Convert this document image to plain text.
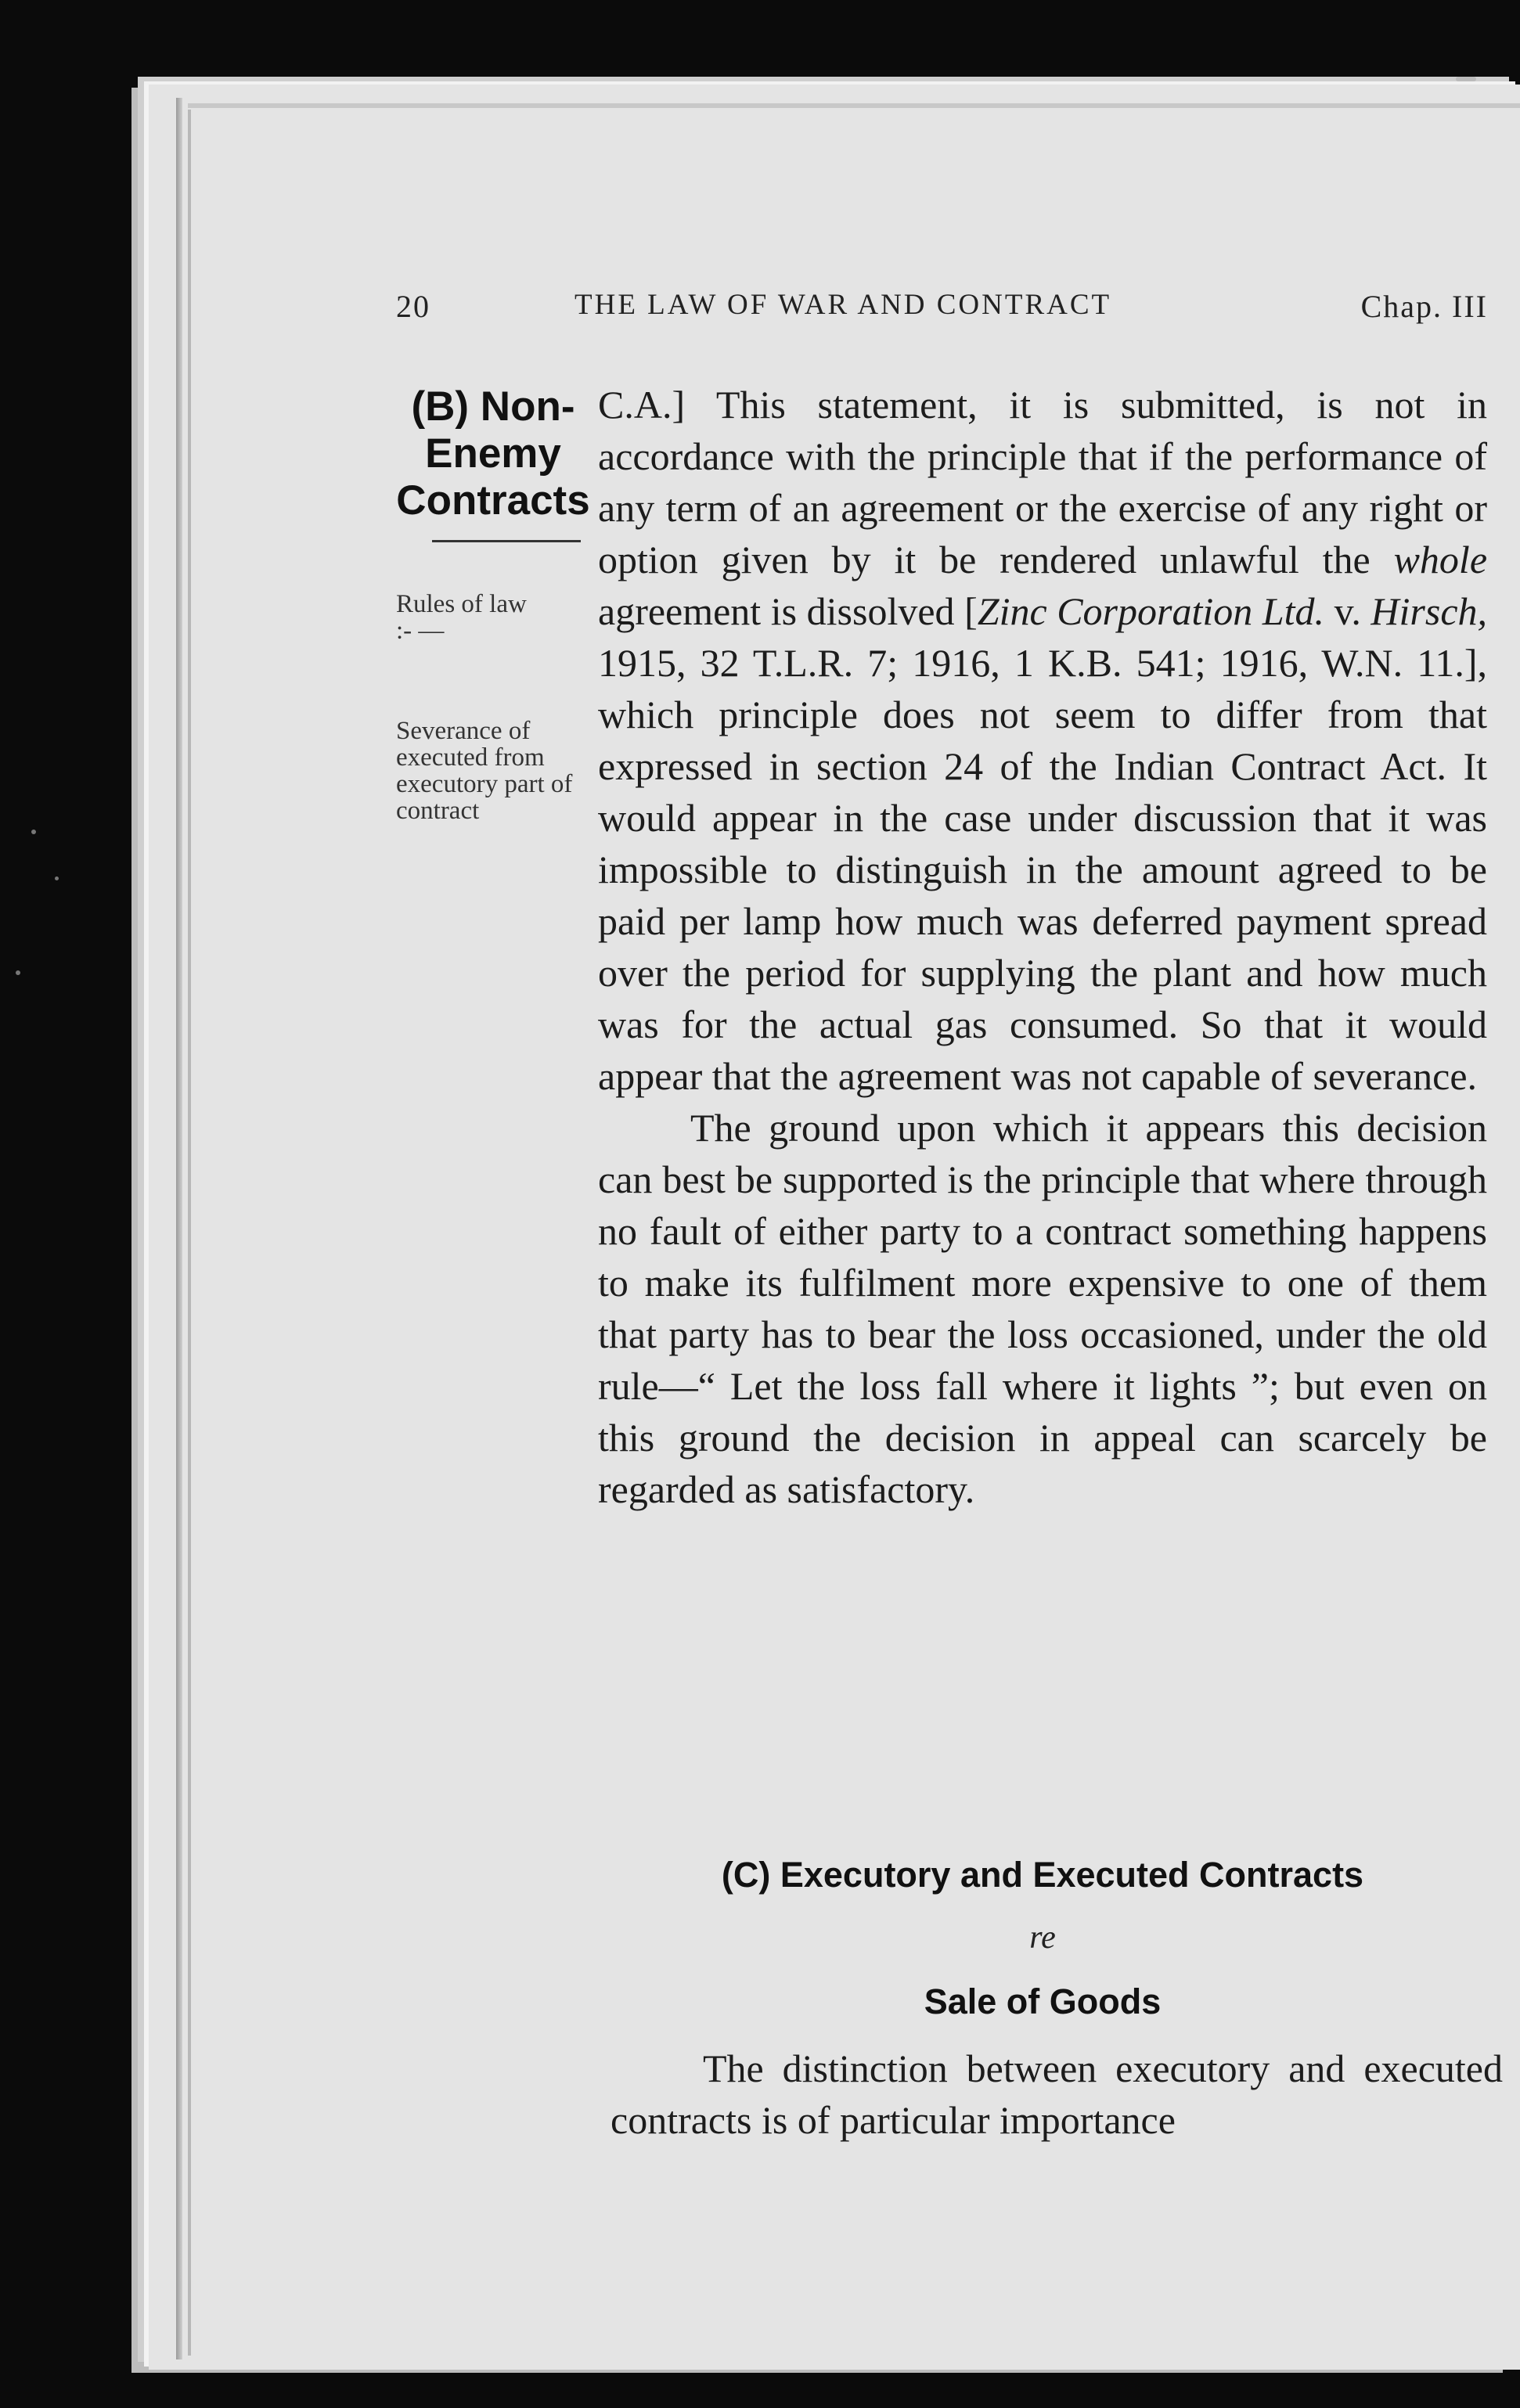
20	THE LAW OF WAR AND CONTRACT	Chap. III
(B) Non-Enemy Contracts
Rules of law :- —
Severance of executed from executory part of contract

C.A.] This statement, it is submitted, is not in accordance with the principle that if the performance of any term of an agreement or the exercise of any right or option given by it be rendered unlawful the whole agreement is dissolved [Zinc Corporation Ltd. v. Hirsch, 1915, 32 T.L.R. 7; 1916, 1 K.B. 541; 1916, W.N. 11.], which principle does not seem to differ from that expressed in section 24 of the Indian Contract Act. It would appear in the case under discussion that it was impossible to distinguish in the amount agreed to be paid per lamp how much was deferred payment spread over the period for supplying the plant and how much was for the actual gas consumed. So that it would appear that the agreement was not capable of severance.

The ground upon which it appears this decision can best be supported is the principle that where through no fault of either party to a contract something happens to make its fulfilment more expensive to one of them that party has to bear the loss occasioned, under the old rule—“ Let the loss fall where it lights ”; but even on this ground the decision in appeal can scarcely be regarded as satisfactory.

(C) Executory and Executed Contracts
re
Sale of Goods

The distinction between executory and executed contracts is of particular importance
